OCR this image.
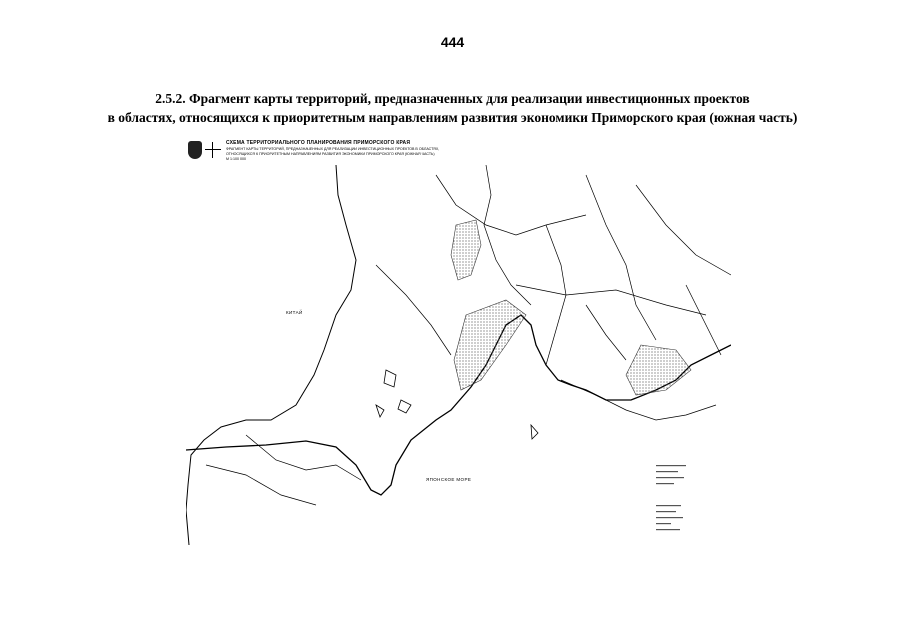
444
2.5.2. Фрагмент карты территорий, предназначенных для реализации инвестиционных проектов
в областях, относящихся к приоритетным направлениям развития экономики Приморского края (южная часть)
СХЕМА ТЕРРИТОРИАЛЬНОГО ПЛАНИРОВАНИЯ ПРИМОРСКОГО КРАЯ
ФРАГМЕНТ КАРТЫ ТЕРРИТОРИЙ, ПРЕДНАЗНАЧЕННЫХ ДЛЯ РЕАЛИЗАЦИИ ИНВЕСТИЦИОННЫХ ПРОЕКТОВ В ОБЛАСТЯХ,
ОТНОСЯЩИХСЯ К ПРИОРИТЕТНЫМ НАПРАВЛЕНИЯМ РАЗВИТИЯ ЭКОНОМИКИ ПРИМОРСКОГО КРАЯ (ЮЖНАЯ ЧАСТЬ)
М 1:100 000
КИТАЙ
ЯПОНСКОЕ МОРЕ
